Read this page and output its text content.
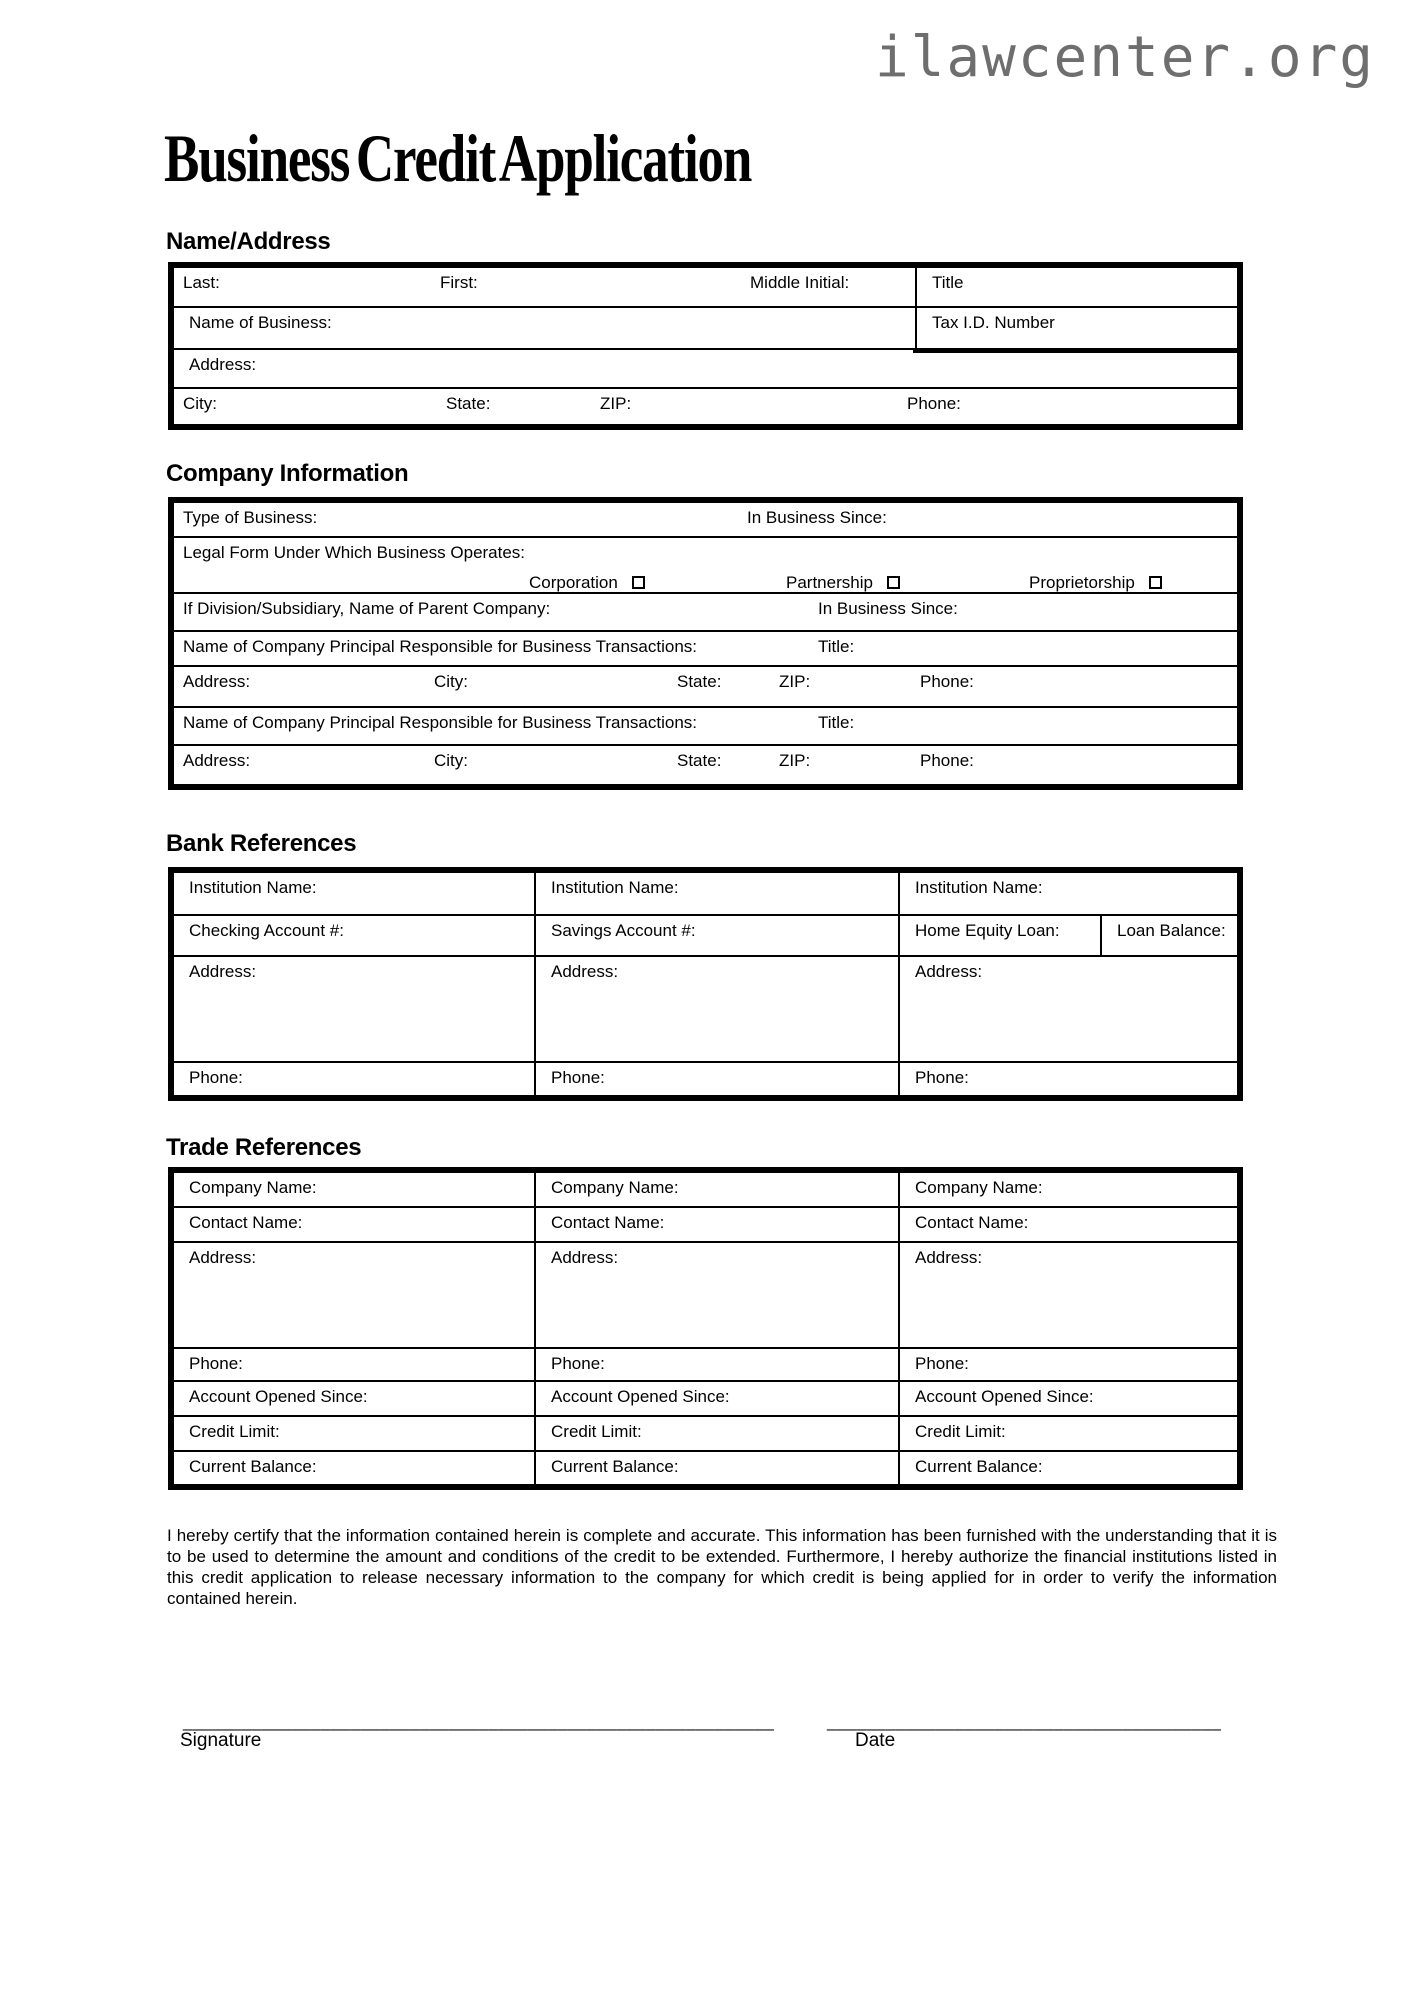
ilawcenter.org
Business Credit Application
Name/Address
Last:	First:	Middle Initial:	Title
Name of Business:	Tax I.D. Number
Address:
City:	State:	ZIP:	Phone:
Company Information
Type of Business:	In Business Since:
Legal Form Under Which Business Operates:
Corporation	Partnership	Proprietorship
If Division/Subsidiary, Name of Parent Company:	In Business Since:
Name of Company Principal Responsible for Business Transactions:	Title:
Address:	City:	State:	ZIP:	Phone:
Name of Company Principal Responsible for Business Transactions:	Title:
Address:	City:	State:	ZIP:	Phone:
Bank References
Institution Name:	Institution Name:	Institution Name:
Checking Account #:	Savings Account #:	Home Equity Loan:	Loan Balance:
Address:	Address:	Address:
Phone:	Phone:	Phone:
Trade References
Company Name:	Company Name:	Company Name:
Contact Name:	Contact Name:	Contact Name:
Address:	Address:	Address:
Phone:	Phone:	Phone:
Account Opened Since:	Account Opened Since:	Account Opened Since:
Credit Limit:	Credit Limit:	Credit Limit:
Current Balance:	Current Balance:	Current Balance:
I hereby certify that the information contained herein is complete and accurate. This information has been furnished with the understanding that it is to be used to determine the amount and conditions of the credit to be extended. Furthermore, I hereby authorize the financial institutions listed in this credit application to release necessary information to the company for which credit is being applied for in order to verify the information contained herein.
____________________________________________________________
Signature
________________________________________
Date
